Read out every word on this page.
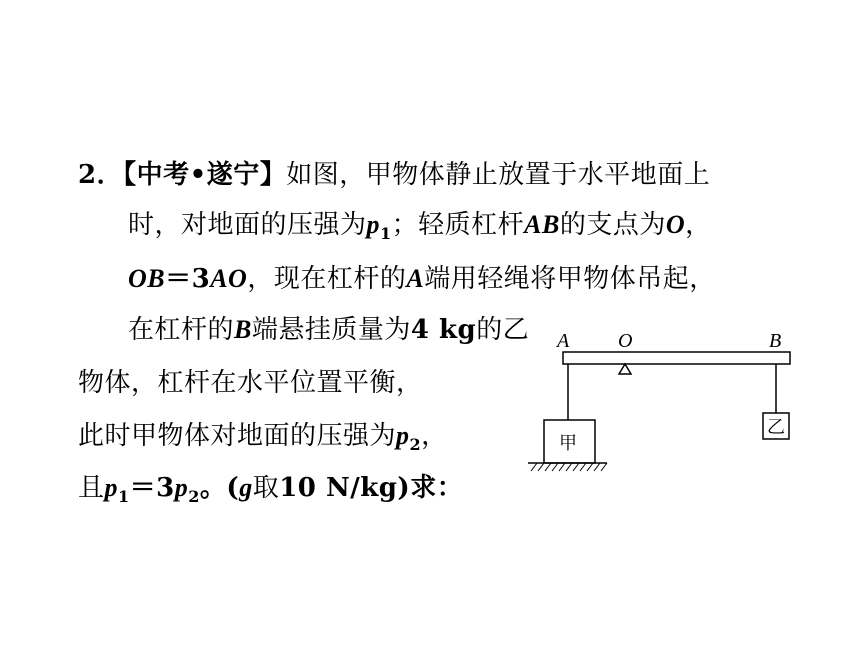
2．【中考•遂宁】如图，甲物体静止放置于水平地面上
时，对地面的压强为$p_1$；轻质杠杆AB的支点为O，
OB＝3AO，现在杠杆的A端用轻绳将甲物体吊起，
在杠杆的B端悬挂质量为4 kg的乙
物体，杠杆在水平位置平衡，
此时甲物体对地面的压强为$p_2$，
且$p_1=3p_2$。(g取10 N/kg)求：
A O	B
甲
乙
